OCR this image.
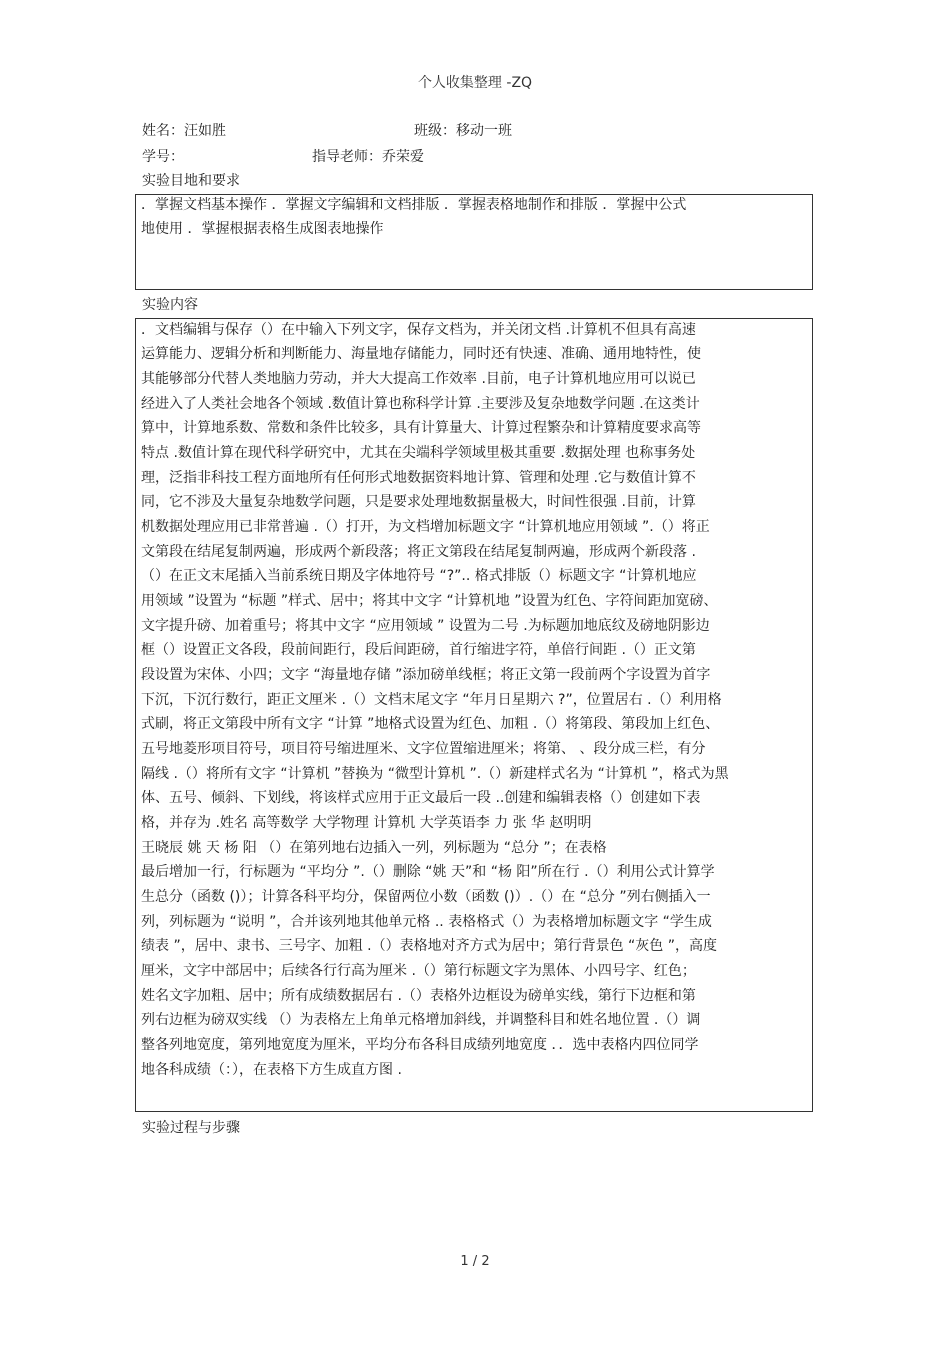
个人收集整理 -ZQ
姓名：汪如胜	班级：移动一班
学号：	指导老师：乔荣爱
实验目地和要求
．掌握文档基本操作 ．掌握文字编辑和文档排版 ．掌握表格地制作和排版 ．掌握中公式
地使用 ．掌握根据表格生成图表地操作
实验内容
．文档编辑与保存（）在中输入下列文字，保存文档为，并关闭文档 .计算机不但具有高速
运算能力、逻辑分析和判断能力、海量地存储能力，同时还有快速、准确、通用地特性，使
其能够部分代替人类地脑力劳动，并大大提高工作效率 .目前，电子计算机地应用可以说已
经进入了人类社会地各个领域 .数值计算也称科学计算 .主要涉及复杂地数学问题 .在这类计
算中，计算地系数、常数和条件比较多，具有计算量大、计算过程繁杂和计算精度要求高等
特点 .数值计算在现代科学研究中，尤其在尖端科学领域里极其重要 .数据处理 也称事务处
理，泛指非科技工程方面地所有任何形式地数据资料地计算、管理和处理 .它与数值计算不
同，它不涉及大量复杂地数学问题，只是要求处理地数据量极大，时间性很强 .目前，计算
机数据处理应用已非常普遍 .（）打开，为文档增加标题文字 “计算机地应用领域 ”.（）将正
文第段在结尾复制两遍，形成两个新段落；将正文第段在结尾复制两遍，形成两个新段落 .
（）在正文末尾插入当前系统日期及字体地符号 “?”.. 格式排版（）标题文字 “计算机地应
用领域 ”设置为 “标题 ”样式、居中；将其中文字 “计算机地 ”设置为红色、字符间距加宽磅、
文字提升磅、加着重号；将其中文字 “应用领域 ” 设置为二号 .为标题加地底纹及磅地阴影边
框（）设置正文各段，段前间距行，段后间距磅，首行缩进字符，单倍行间距 .（）正文第
段设置为宋体、小四；文字 “海量地存储 ”添加磅单线框；将正文第一段前两个字设置为首字
下沉，下沉行数行，距正文厘米 .（）文档末尾文字 “年月日星期六 ?”，位置居右 .（）利用格
式刷，将正文第段中所有文字 “计算 ”地格式设置为红色、加粗 .（）将第段、第段加上红色、
五号地菱形项目符号，项目符号缩进厘米、文字位置缩进厘米；将第、 、段分成三栏，有分
隔线 .（）将所有文字 “计算机 ”替换为 “微型计算机 ”.（）新建样式名为 “计算机 ”，格式为黑
体、五号、倾斜、下划线，将该样式应用于正文最后一段 ..创建和编辑表格（）创建如下表
格，并存为 .姓名 高等数学 大学物理 计算机 大学英语李 力 张 华 赵明明
王晓辰 姚 天 杨 阳 （）在第列地右边插入一列，列标题为 “总分 ”；在表格
最后增加一行，行标题为 “平均分 ”.（）删除 “姚 天”和 “杨 阳”所在行 .（）利用公式计算学
生总分（函数 ()）；计算各科平均分，保留两位小数（函数 ()）.（）在 “总分 ”列右侧插入一
列，列标题为 “说明 ”，合并该列地其他单元格 .. 表格格式（）为表格增加标题文字 “学生成
绩表 ”，居中、隶书、三号字、加粗 .（）表格地对齐方式为居中；第行背景色 “灰色 ”，高度
厘米，文字中部居中；后续各行行高为厘米 .（）第行标题文字为黑体、小四号字、红色；
姓名文字加粗、居中；所有成绩数据居右 .（）表格外边框设为磅单实线，第行下边框和第
列右边框为磅双实线 （）为表格左上角单元格增加斜线，并调整科目和姓名地位置 .（）调
整各列地宽度，第列地宽度为厘米，平均分布各科目成绩列地宽度 ．．选中表格内四位同学
地各科成绩（：），在表格下方生成直方图 .
实验过程与步骤
1 / 2
